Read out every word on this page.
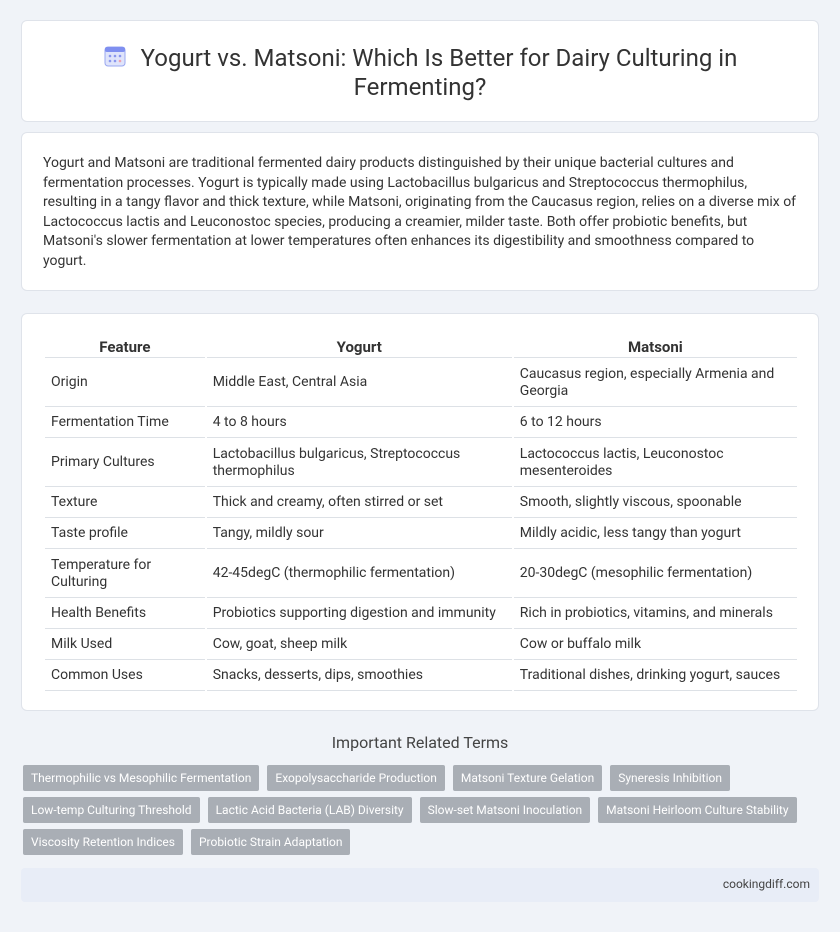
Yogurt vs. Matsoni: Which Is Better for Dairy Culturing in
Fermenting?

Yogurt and Matsoni are traditional fermented dairy products distinguished by their unique bacterial cultures and fermentation processes. Yogurt is typically made using Lactobacillus bulgaricus and Streptococcus thermophilus, resulting in a tangy flavor and thick texture, while Matsoni, originating from the Caucasus region, relies on a diverse mix of Lactococcus lactis and Leuconostoc species, producing a creamier, milder taste. Both offer probiotic benefits, but Matsoni's slower fermentation at lower temperatures often enhances its digestibility and smoothness compared to yogurt.

Feature	Yogurt	Matsoni
Origin	Middle East, Central Asia	Caucasus region, especially Armenia and Georgia
Fermentation Time	4 to 8 hours	6 to 12 hours
Primary Cultures	Lactobacillus bulgaricus, Streptococcus thermophilus	Lactococcus lactis, Leuconostoc mesenteroides
Texture	Thick and creamy, often stirred or set	Smooth, slightly viscous, spoonable
Taste profile	Tangy, mildly sour	Mildly acidic, less tangy than yogurt
Temperature for Culturing	42-45degC (thermophilic fermentation)	20-30degC (mesophilic fermentation)
Health Benefits	Probiotics supporting digestion and immunity	Rich in probiotics, vitamins, and minerals
Milk Used	Cow, goat, sheep milk	Cow or buffalo milk
Common Uses	Snacks, desserts, dips, smoothies	Traditional dishes, drinking yogurt, sauces
Important Related Terms
Thermophilic vs Mesophilic Fermentation	Exopolysaccharide Production	Matsoni Texture Gelation	Syneresis Inhibition
Low-temp Culturing Threshold	Lactic Acid Bacteria (LAB) Diversity	Slow-set Matsoni Inoculation	Matsoni Heirloom Culture Stability
Viscosity Retention Indices	Probiotic Strain Adaptation
cookingdiff.com
